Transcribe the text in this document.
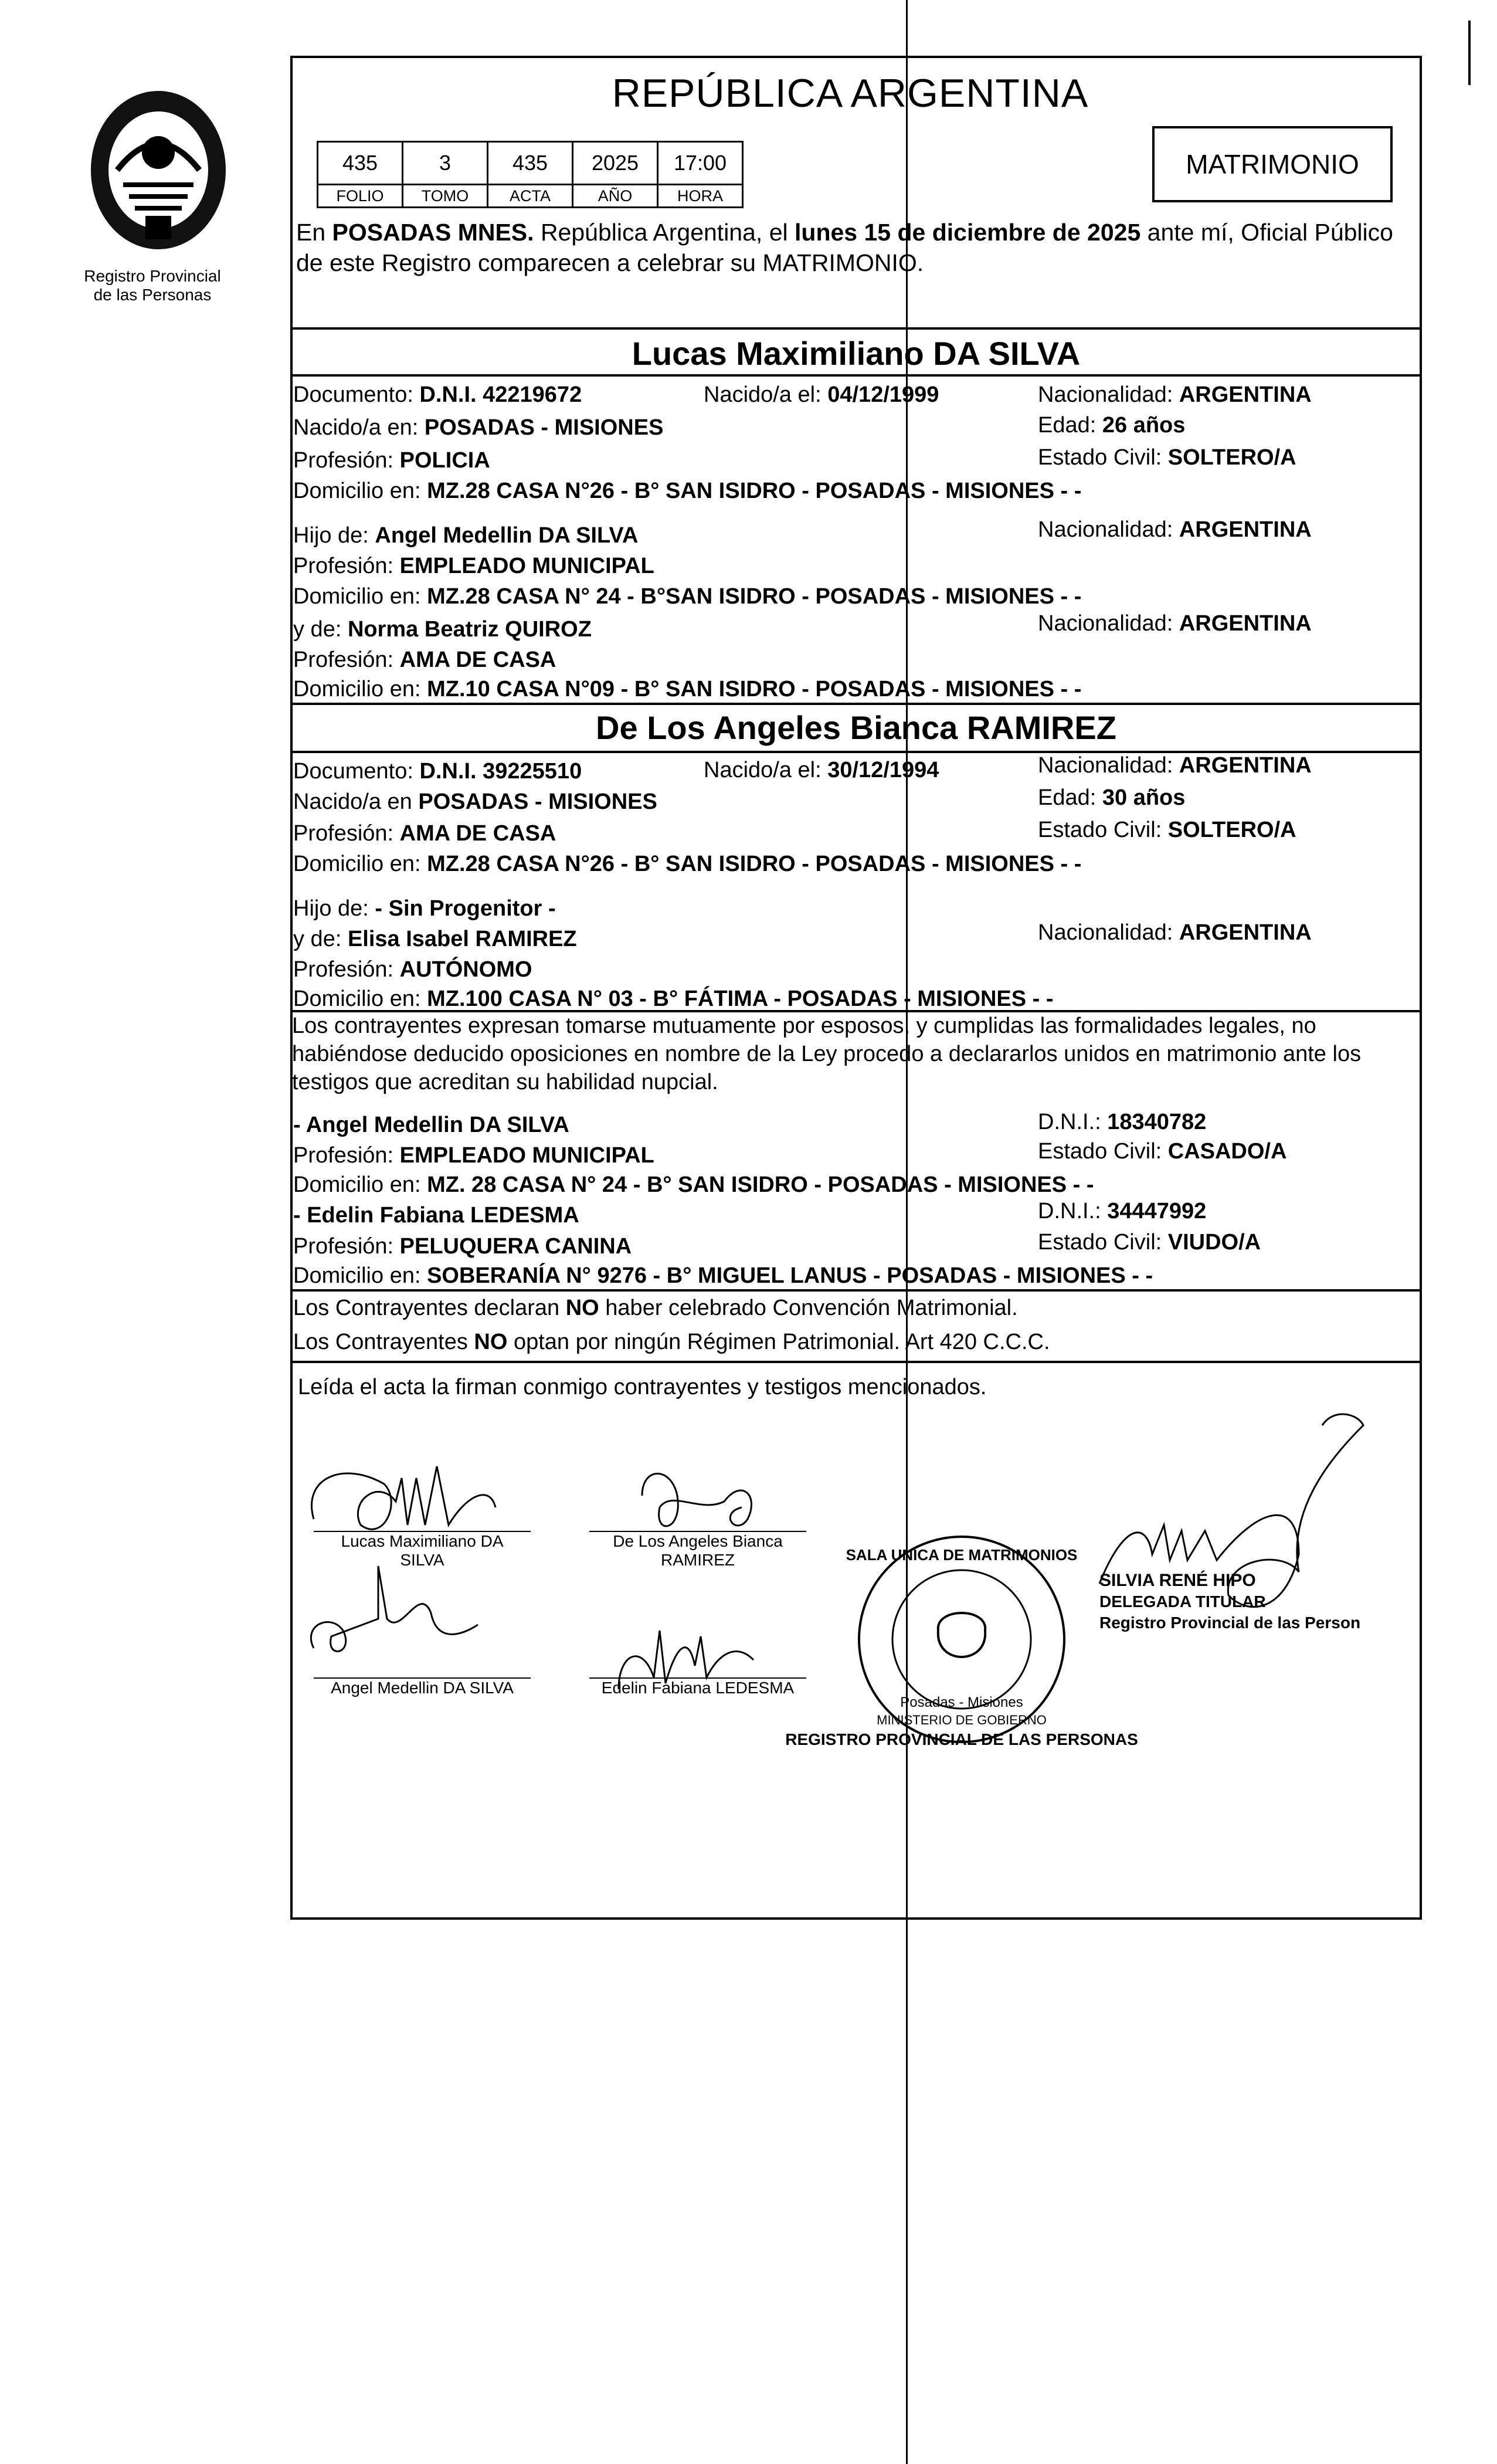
Registro Provincial
de las Personas
REPÚBLICA ARGENTINA
435	3	435	2025	17:00
FOLIO	TOMO	ACTA	AÑO	HORA
MATRIMONIO
En POSADAS MNES. República Argentina, el lunes 15 de diciembre de 2025 ante mí, Oficial Público de este Registro comparecen a celebrar su MATRIMONIO.
Lucas Maximiliano DA SILVA
Documento: D.N.I. 42219672	Nacido/a el: 04/12/1999	Nacionalidad: ARGENTINA
Nacido/a en: POSADAS - MISIONES	Edad: 26 años
Profesión: POLICIA	Estado Civil: SOLTERO/A
Domicilio en: MZ.28 CASA N°26 - B° SAN ISIDRO - POSADAS - MISIONES - -
Hijo de: Angel Medellin DA SILVA	Nacionalidad: ARGENTINA
Profesión: EMPLEADO MUNICIPAL
Domicilio en: MZ.28 CASA N° 24 - B°SAN ISIDRO - POSADAS - MISIONES - -
y de: Norma Beatriz QUIROZ	Nacionalidad: ARGENTINA
Profesión: AMA DE CASA
Domicilio en: MZ.10 CASA N°09 - B° SAN ISIDRO - POSADAS - MISIONES - -
De Los Angeles Bianca RAMIREZ
Documento: D.N.I. 39225510	Nacido/a el: 30/12/1994	Nacionalidad: ARGENTINA
Nacido/a en POSADAS - MISIONES	Edad: 30 años
Profesión: AMA DE CASA	Estado Civil: SOLTERO/A
Domicilio en: MZ.28 CASA N°26 - B° SAN ISIDRO - POSADAS - MISIONES - -
Hijo de: - Sin Progenitor -
y de: Elisa Isabel RAMIREZ	Nacionalidad: ARGENTINA
Profesión: AUTÓNOMO
Domicilio en: MZ.100 CASA N° 03 - B° FÁTIMA - POSADAS - MISIONES - -
Los contrayentes expresan tomarse mutuamente por esposos, y cumplidas las formalidades legales, no habiéndose deducido oposiciones en nombre de la Ley procedo a declararlos unidos en matrimonio ante los testigos que acreditan su habilidad nupcial.
- Angel Medellin DA SILVA	D.N.I.: 18340782
Profesión: EMPLEADO MUNICIPAL	Estado Civil: CASADO/A
Domicilio en: MZ. 28 CASA N° 24 - B° SAN ISIDRO - POSADAS - MISIONES - -
- Edelin Fabiana LEDESMA	D.N.I.: 34447992
Profesión: PELUQUERA CANINA	Estado Civil: VIUDO/A
Domicilio en: SOBERANÍA N° 9276 - B° MIGUEL LANUS - POSADAS - MISIONES - -
Los Contrayentes declaran NO haber celebrado Convención Matrimonial.
Los Contrayentes NO optan por ningún Régimen Patrimonial. Art 420 C.C.C.
Leída el acta la firman conmigo contrayentes y testigos mencionados.
SALA UNICA DE MATRIMONIOS
REGISTRO PROVINCIAL DE LAS PERSONAS
Posadas - Misiones
MINISTERIO DE GOBIERNO
SILVIA RENÉ HIPO
DELEGADA TITULAR
Registro Provincial de las Person
Lucas Maximiliano DA
SILVA
De Los Angeles Bianca
RAMIREZ
Angel Medellin DA SILVA	Edelin Fabiana LEDESMA
